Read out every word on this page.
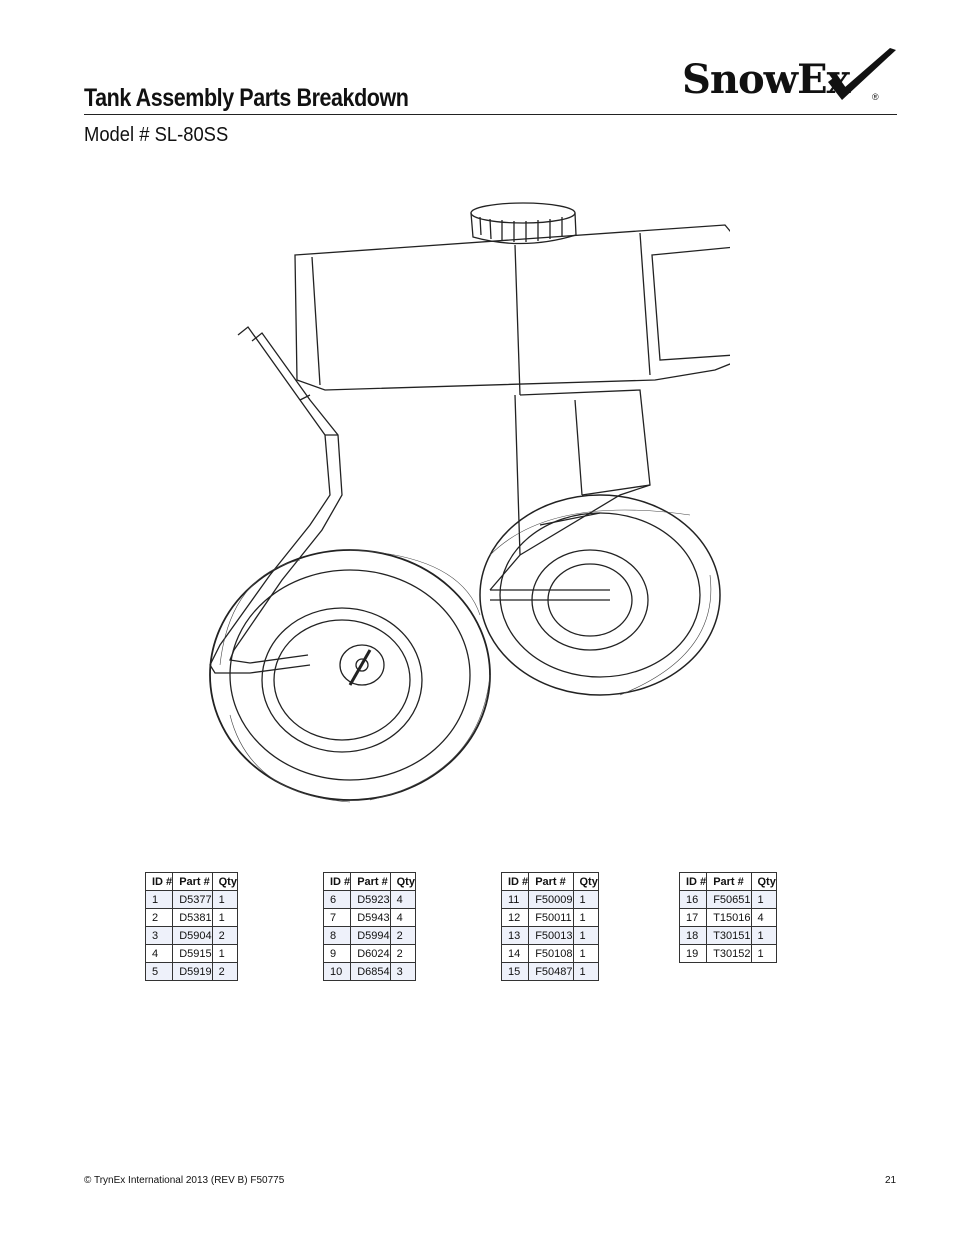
Tank Assembly Parts Breakdown
Model # SL-80SS
SnowEx	®
ID #	Part #	Qty
1	D5377	1
2	D5381	1
3	D5904	2
4	D5915	1
5	D5919	2
ID #	Part #	Qty
6	D5923	4
7	D5943	4
8	D5994	2
9	D6024	2
10	D6854	3
ID #	Part #	Qty
11	F50009	1
12	F50011	1
13	F50013	1
14	F50108	1
15	F50487	1
ID #	Part #	Qty
16	F50651	1
17	T15016	4
18	T30151	1
19	T30152	1
© TrynEx International 2013 (REV B) F50775	21
